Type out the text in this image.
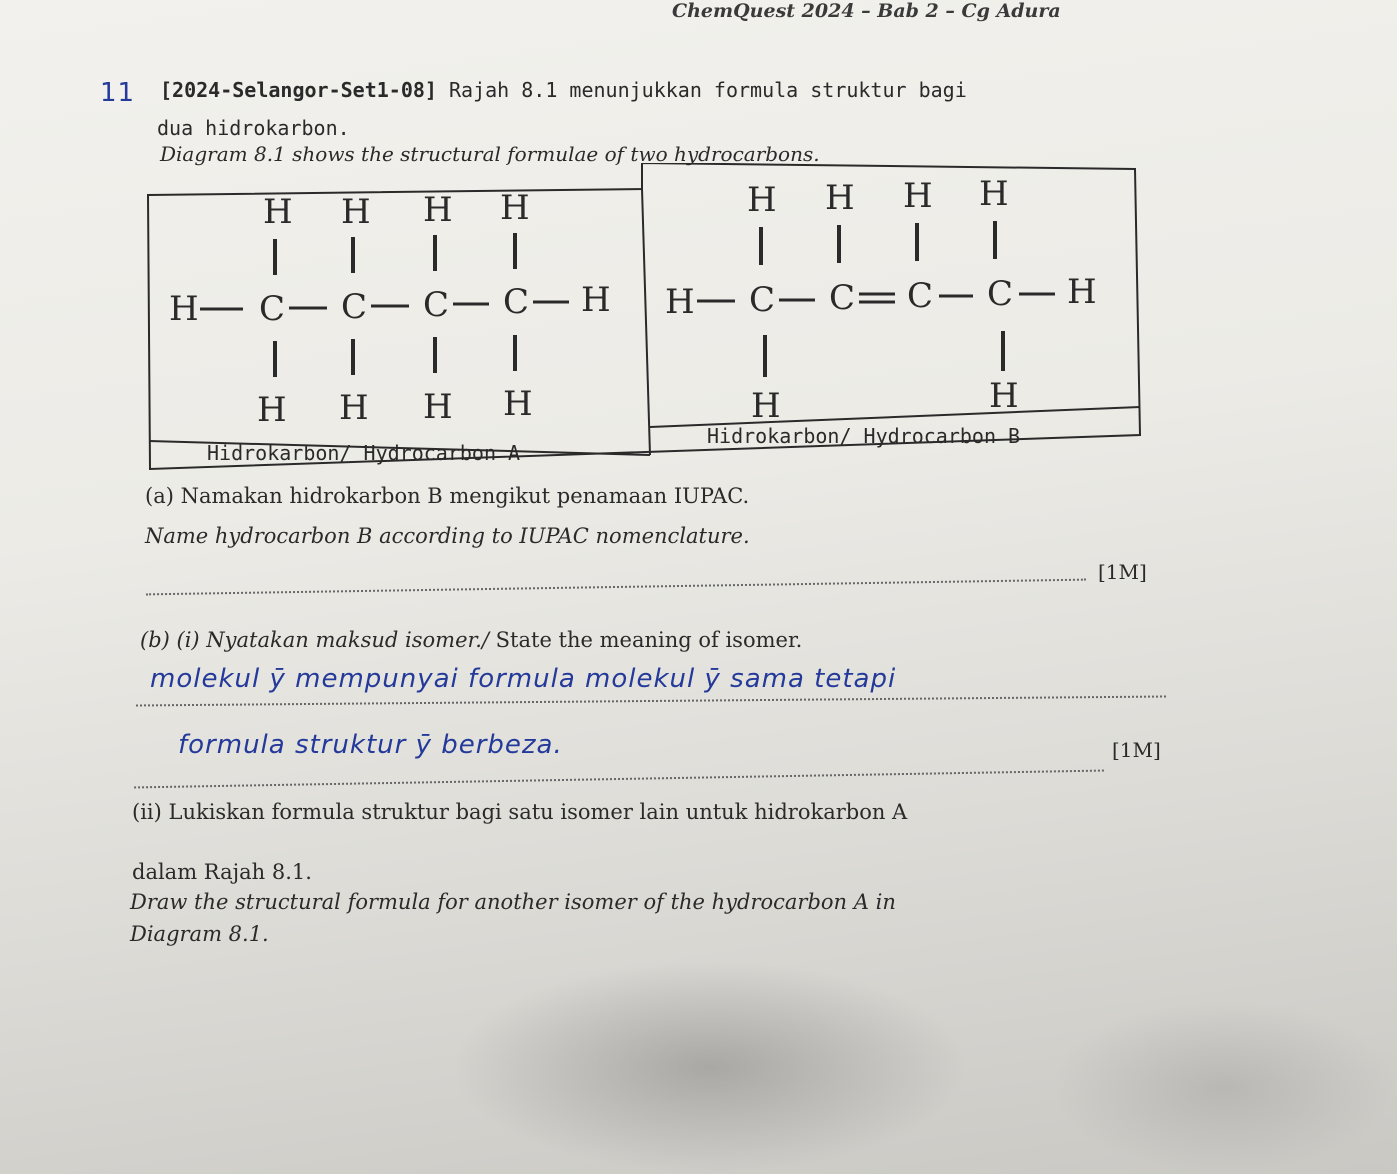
ChemQuest 2024 – Bab 2 – Cg Adura
11 [2024-Selangor-Set1-08] Rajah 8.1 menunjukkan formula struktur bagi
dua hidrokarbon.
Diagram 8.1 shows the structural formulae of two hydrocarbons.
H H H H
H C C C C H
H H H H
H H H H
H C C C C H
H	H
Hidrokarbon/ Hydrocarbon A
Hidrokarbon/ Hydrocarbon B
(a) Namakan hidrokarbon B mengikut penamaan IUPAC.
Name hydrocarbon B according to IUPAC nomenclature.
[1M]
(b) (i) Nyatakan maksud isomer./ State the meaning of isomer.
molekul ȳ mempunyai formula molekul ȳ sama tetapi
formula struktur ȳ berbeza.	[1M]
(ii) Lukiskan formula struktur bagi satu isomer lain untuk hidrokarbon A
dalam Rajah 8.1.
Draw the structural formula for another isomer of the hydrocarbon A in
Diagram 8.1.
